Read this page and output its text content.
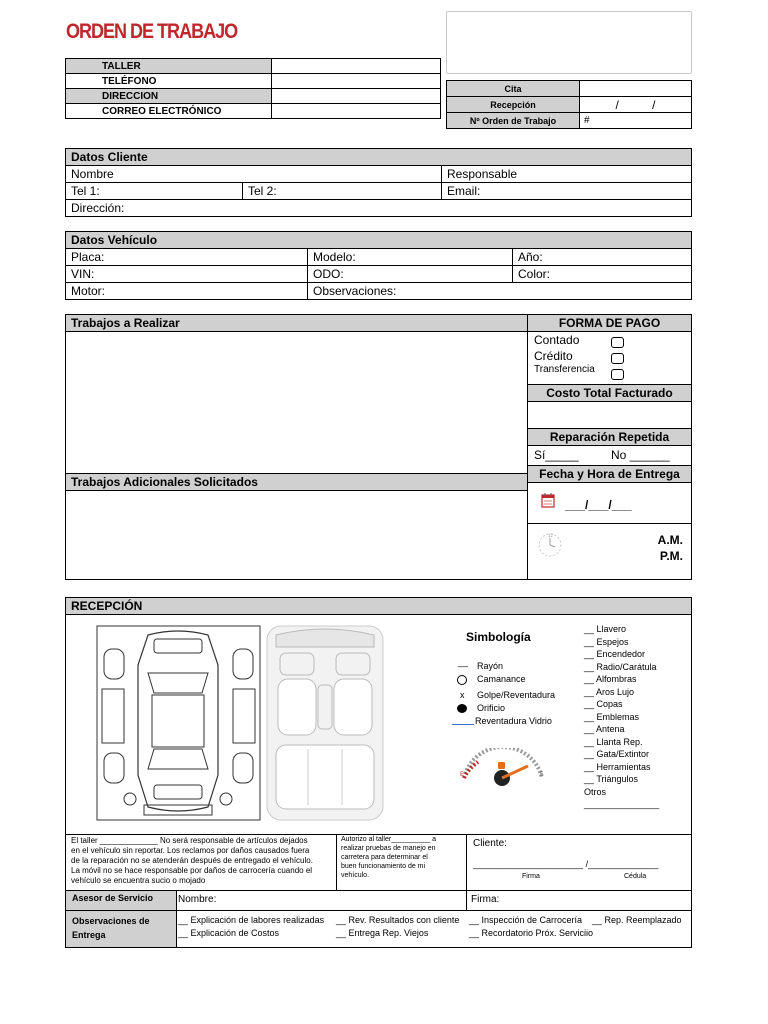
ORDEN DE TRABAJO
TALLER	
TELÉFONO	
DIRECCION	
CORREO ELECTRÓNICO	
Cita	
Recepción	/ /
Nº Orden de Trabajo	#
Datos Cliente
Nombre	Responsable
Tel 1:	Tel 2:	Email:
Dirección:
Datos Vehículo
Placa:	Modelo:	Año:
VIN:	ODO:	Color:
Motor:	Observaciones:
Trabajos a Realizar
Trabajos Adicionales Solicitados
FORMA DE PAGO
Contado
Crédito
Transferencia
Costo Total Facturado
Reparación Repetida
Sí_____	No ______
Fecha y Hora de Entrega
___/___/___
12	A.M.
P.M.
RECEPCIÓN
Simbología
__ Rayón
Camanance
x Golpe/Reventadura
Orificio
Reventadura Vidrio
E	F
__ Llavero
__ Espejos
__ Encendedor
__ Radio/Carátula
__ Alfombras
__ Aros Lujo
__ Copas
__ Emblemas
__ Antena
__ Llanta Rep.
__ Gata/Extintor
__ Herramientas
__ Triángulos
Otros
_______________
El taller _____________ No será responsable de artículos dejados
en el vehículo sin reportar. Los reclamos por daños causados fuera
de la reparación no se atenderán después de entregado el vehículo.
La móvil no se hace responsable por daños de carrocería cuando el
vehículo se encuentra sucio o mojado
Autorizo al taller__________ a
realizar pruebas de manejo en
carretera para determinar el
buen funcionamiento de mi
vehículo.
Cliente:
______________________ /______________
Firma	Cédula
Asesor de Servicio	Nombre:	Firma:
Observaciones de
Entrega
__ Explicación de labores realizadas __ Rev. Resultados con cliente __ Inspección de Carrocería __ Rep. Reemplazado
__ Explicación de Costos	__ Entrega Rep. Viejos	__ Recordatorio Próx. Serviciio
